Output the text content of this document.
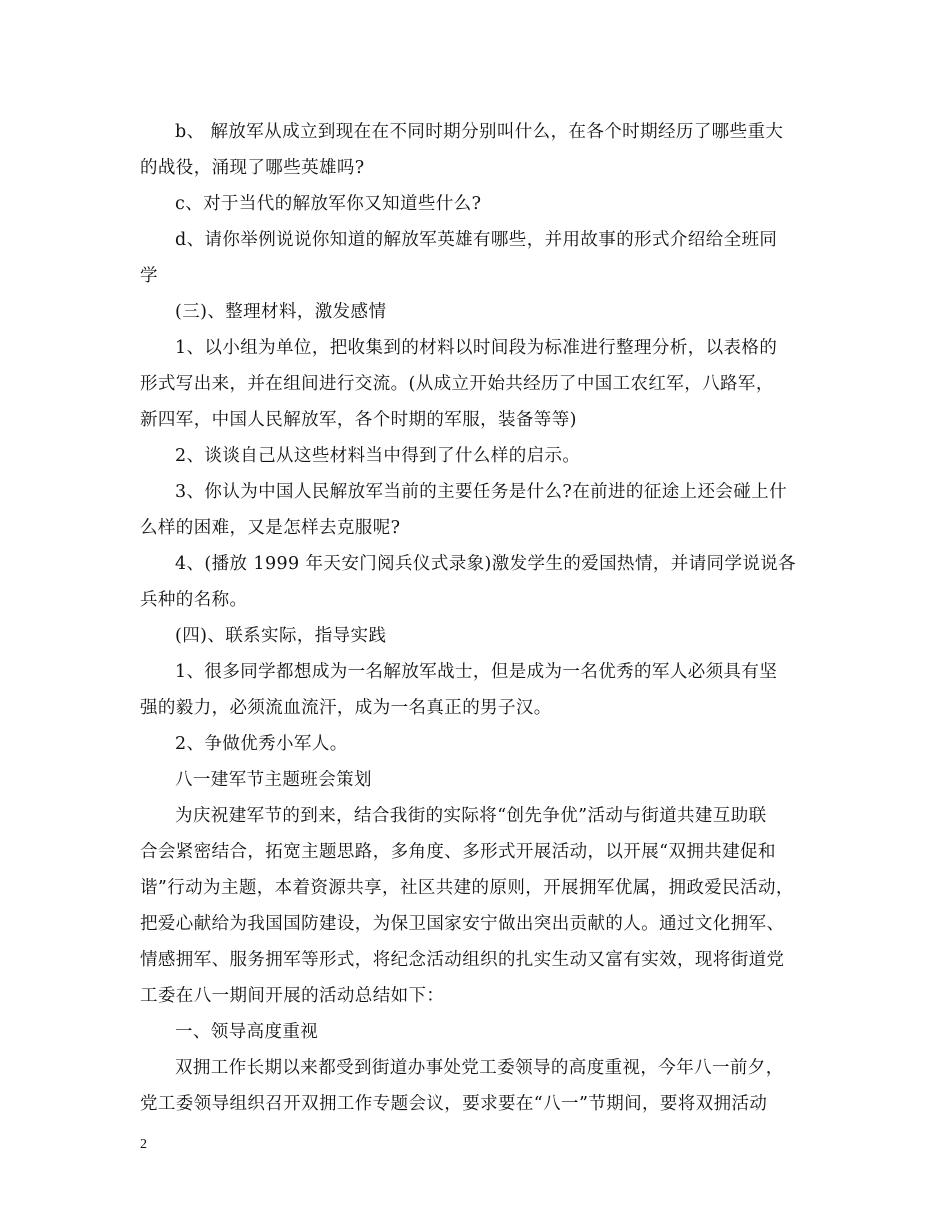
b、 解放军从成立到现在在不同时期分别叫什么，在各个时期经历了哪些重大
的战役，涌现了哪些英雄吗?

c、对于当代的解放军你又知道些什么?

d、请你举例说说你知道的解放军英雄有哪些，并用故事的形式介绍给全班同
学

(三)、整理材料，激发感情

1、以小组为单位，把收集到的材料以时间段为标准进行整理分析，以表格的
形式写出来，并在组间进行交流。(从成立开始共经历了中国工农红军，八路军，
新四军，中国人民解放军，各个时期的军服，装备等等)

2、谈谈自己从这些材料当中得到了什么样的启示。

3、你认为中国人民解放军当前的主要任务是什么?在前进的征途上还会碰上什
么样的困难，又是怎样去克服呢?

4、(播放 1999 年天安门阅兵仪式录象)激发学生的爱国热情，并请同学说说各
兵种的名称。

(四)、联系实际，指导实践

1、很多同学都想成为一名解放军战士，但是成为一名优秀的军人必须具有坚
强的毅力，必须流血流汗，成为一名真正的男子汉。

2、争做优秀小军人。

八一建军节主题班会策划

为庆祝建军节的到来，结合我街的实际将“创先争优”活动与街道共建互助联
合会紧密结合，拓宽主题思路，多角度、多形式开展活动，以开展“双拥共建促和
谐”行动为主题，本着资源共享，社区共建的原则，开展拥军优属，拥政爱民活动，
把爱心献给为我国国防建设，为保卫国家安宁做出突出贡献的人。通过文化拥军、
情感拥军、服务拥军等形式，将纪念活动组织的扎实生动又富有实效，现将街道党
工委在八一期间开展的活动总结如下：

一、领导高度重视

双拥工作长期以来都受到街道办事处党工委领导的高度重视，今年八一前夕，
党工委领导组织召开双拥工作专题会议，要求要在“八一”节期间，要将双拥活动

2
